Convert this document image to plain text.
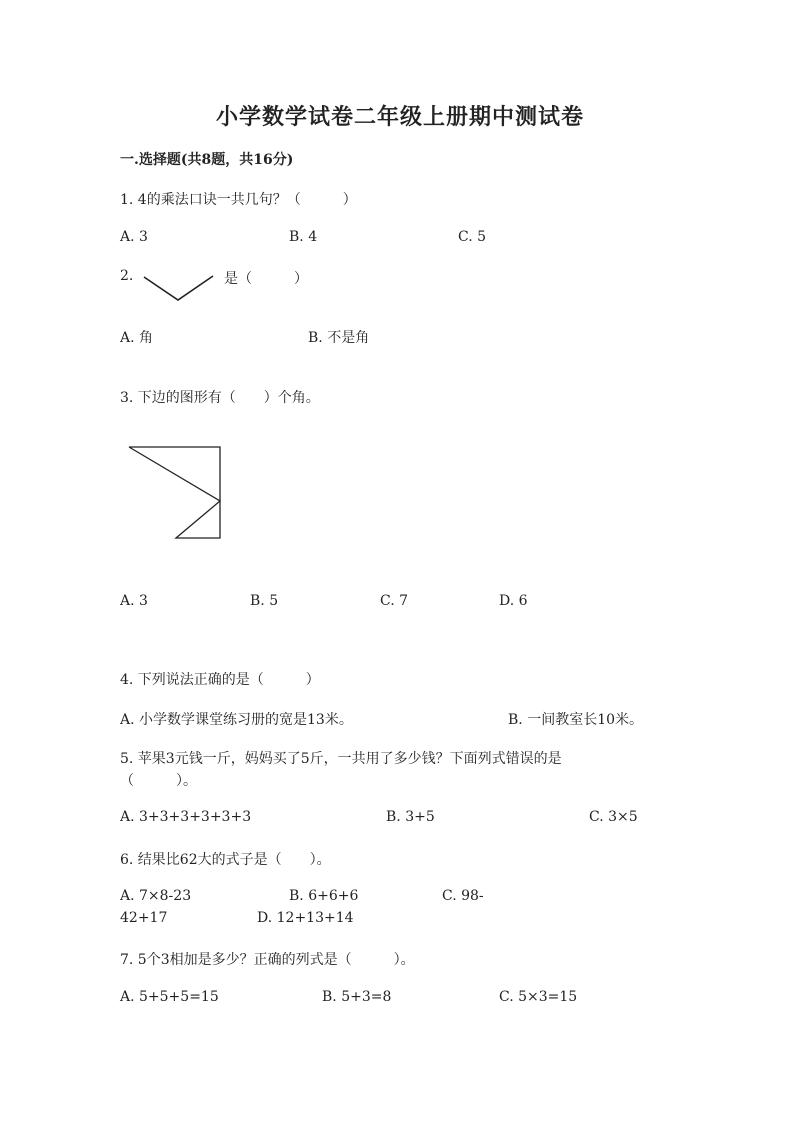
小学数学试卷二年级上册期中测试卷
一.选择题(共8题，共16分)
1. 4的乘法口诀一共几句？（　　　）
A. 3	B. 4	C. 5
2.	是（　　　）
A. 角	B. 不是角
3. 下边的图形有（　　）个角。
A. 3	B. 5	C. 7	D. 6
4. 下列说法正确的是（　　　）
A. 小学数学课堂练习册的宽是13米。	B. 一间教室长10米。
5. 苹果3元钱一斤，妈妈买了5斤，一共用了多少钱？下面列式错误的是
（　　　）。
A. 3+3+3+3+3+3	B. 3+5	C. 3×5
6. 结果比62大的式子是（　　）。
A. 7×8-23	B. 6+6+6	C. 98-
42+17	D. 12+13+14
7. 5个3相加是多少？正确的列式是（　　　）。
A. 5+5+5=15	B. 5+3=8	C. 5×3=15
